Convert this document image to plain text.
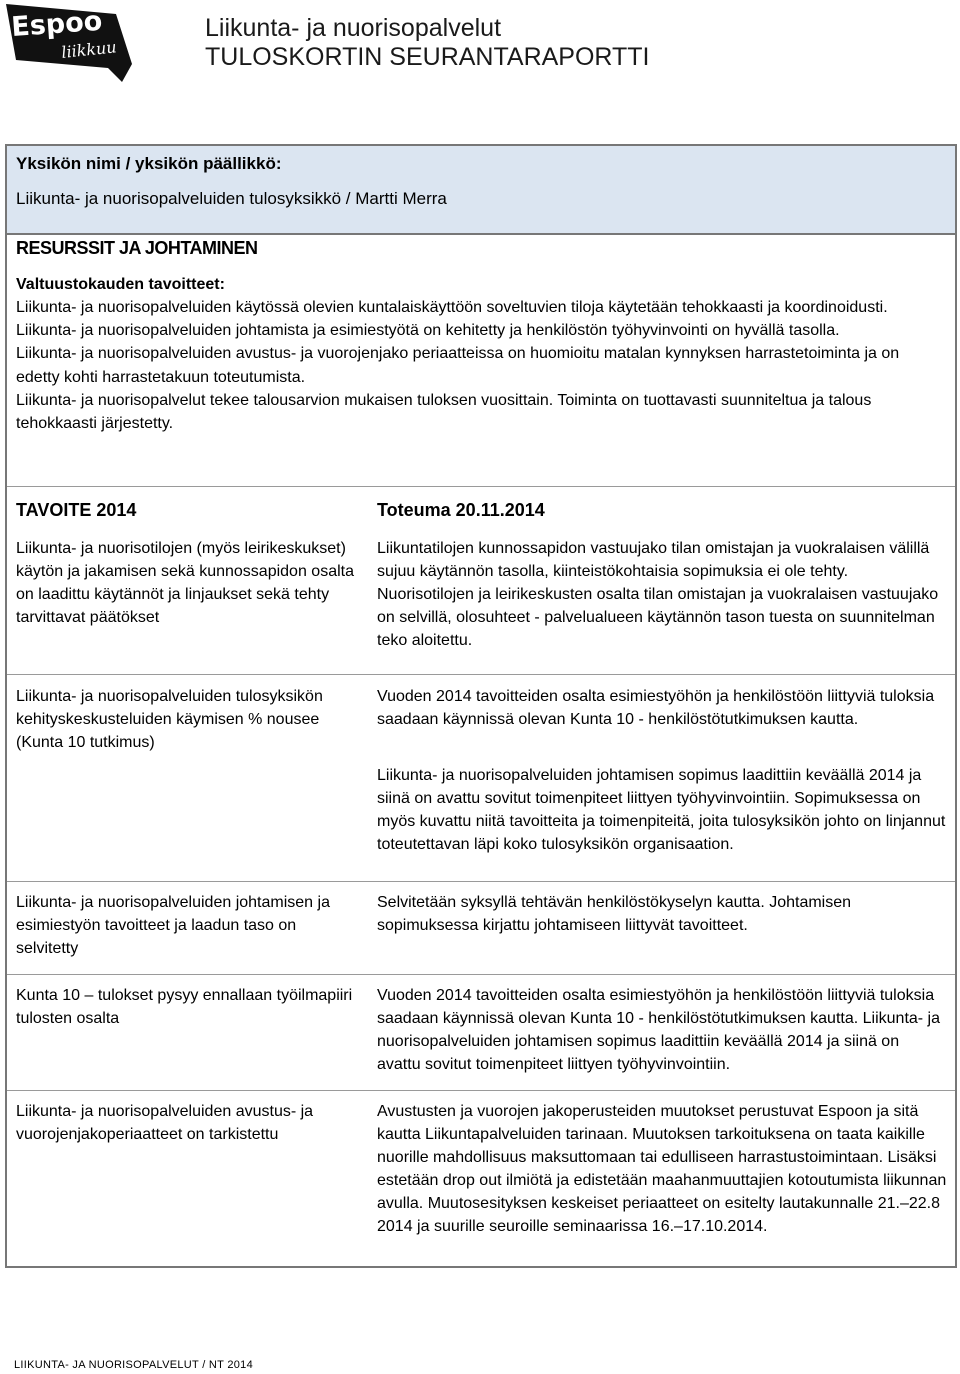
Espoo
liikkuu
Liikunta- ja nuorisopalvelut
TULOSKORTIN SEURANTARAPORTTI
Yksikön nimi / yksikön päällikkö:
Liikunta- ja nuorisopalveluiden tulosyksikkö / Martti Merra
RESURSSIT JA JOHTAMINEN
Valtuustokauden tavoitteet:
Liikunta- ja nuorisopalveluiden käytössä olevien kuntalaiskäyttöön soveltuvien tiloja käytetään tehokkaasti ja koordinoidusti.
Liikunta- ja nuorisopalveluiden johtamista ja esimiestyötä on kehitetty ja henkilöstön työhyvinvointi on hyvällä tasolla.
Liikunta- ja nuorisopalveluiden avustus- ja vuorojenjako periaatteissa on huomioitu matalan kynnyksen harrastetoiminta ja on edetty kohti harrastetakuun toteutumista.
Liikunta- ja nuorisopalvelut tekee talousarvion mukaisen tuloksen vuosittain. Toiminta on tuottavasti suunniteltua ja talous tehokkaasti järjestetty.
TAVOITE 2014	Toteuma 20.11.2014
Liikunta- ja nuorisotilojen (myös leirikeskukset) käytön ja jakamisen sekä kunnossapidon osalta on laadittu käytännöt ja linjaukset sekä tehty tarvittavat päätökset
Liikuntatilojen kunnossapidon vastuujako tilan omistajan ja vuokralaisen välillä sujuu käytännön tasolla, kiinteistökohtaisia sopimuksia ei ole tehty. Nuorisotilojen ja leirikeskusten osalta tilan omistajan ja vuokralaisen vastuujako on selvillä, olosuhteet - palvelualueen käytännön tason tuesta on suunnitelman teko aloitettu.
Liikunta- ja nuorisopalveluiden tulosyksikön kehityskeskusteluiden käymisen % nousee (Kunta 10 tutkimus)
Vuoden 2014 tavoitteiden osalta esimiestyöhön ja henkilöstöön liittyviä tuloksia saadaan käynnissä olevan Kunta 10 - henkilöstötutkimuksen kautta.
Liikunta- ja nuorisopalveluiden johtamisen sopimus laadittiin keväällä 2014 ja siinä on avattu sovitut toimenpiteet liittyen työhyvinvointiin. Sopimuksessa on myös kuvattu niitä tavoitteita ja toimenpiteitä, joita tulosyksikön johto on linjannut toteutettavan läpi koko tulosyksikön organisaation.
Liikunta- ja nuorisopalveluiden johtamisen ja esimiestyön tavoitteet ja laadun taso on selvitetty
Selvitetään syksyllä tehtävän henkilöstökyselyn kautta. Johtamisen sopimuksessa kirjattu johtamiseen liittyvät tavoitteet.
Kunta 10 – tulokset pysyy ennallaan työilmapiiri tulosten osalta
Vuoden 2014 tavoitteiden osalta esimiestyöhön ja henkilöstöön liittyviä tuloksia saadaan käynnissä olevan Kunta 10 - henkilöstötutkimuksen kautta. Liikunta- ja nuorisopalveluiden johtamisen sopimus laadittiin keväällä 2014 ja siinä on avattu sovitut toimenpiteet liittyen työhyvinvointiin.
Liikunta- ja nuorisopalveluiden avustus- ja vuorojenjakoperiaatteet on tarkistettu
Avustusten ja vuorojen jakoperusteiden muutokset perustuvat Espoon ja sitä kautta Liikuntapalveluiden tarinaan. Muutoksen tarkoituksena on taata kaikille nuorille mahdollisuus maksuttomaan tai edulliseen harrastustoimintaan. Lisäksi estetään drop out ilmiötä ja edistetään maahanmuuttajien kotoutumista liikunnan avulla. Muutosesityksen keskeiset periaatteet on esitelty lautakunnalle 21.–22.8 2014 ja suurille seuroille seminaarissa 16.–17.10.2014.
LIIKUNTA- JA NUORISOPALVELUT / NT 2014
